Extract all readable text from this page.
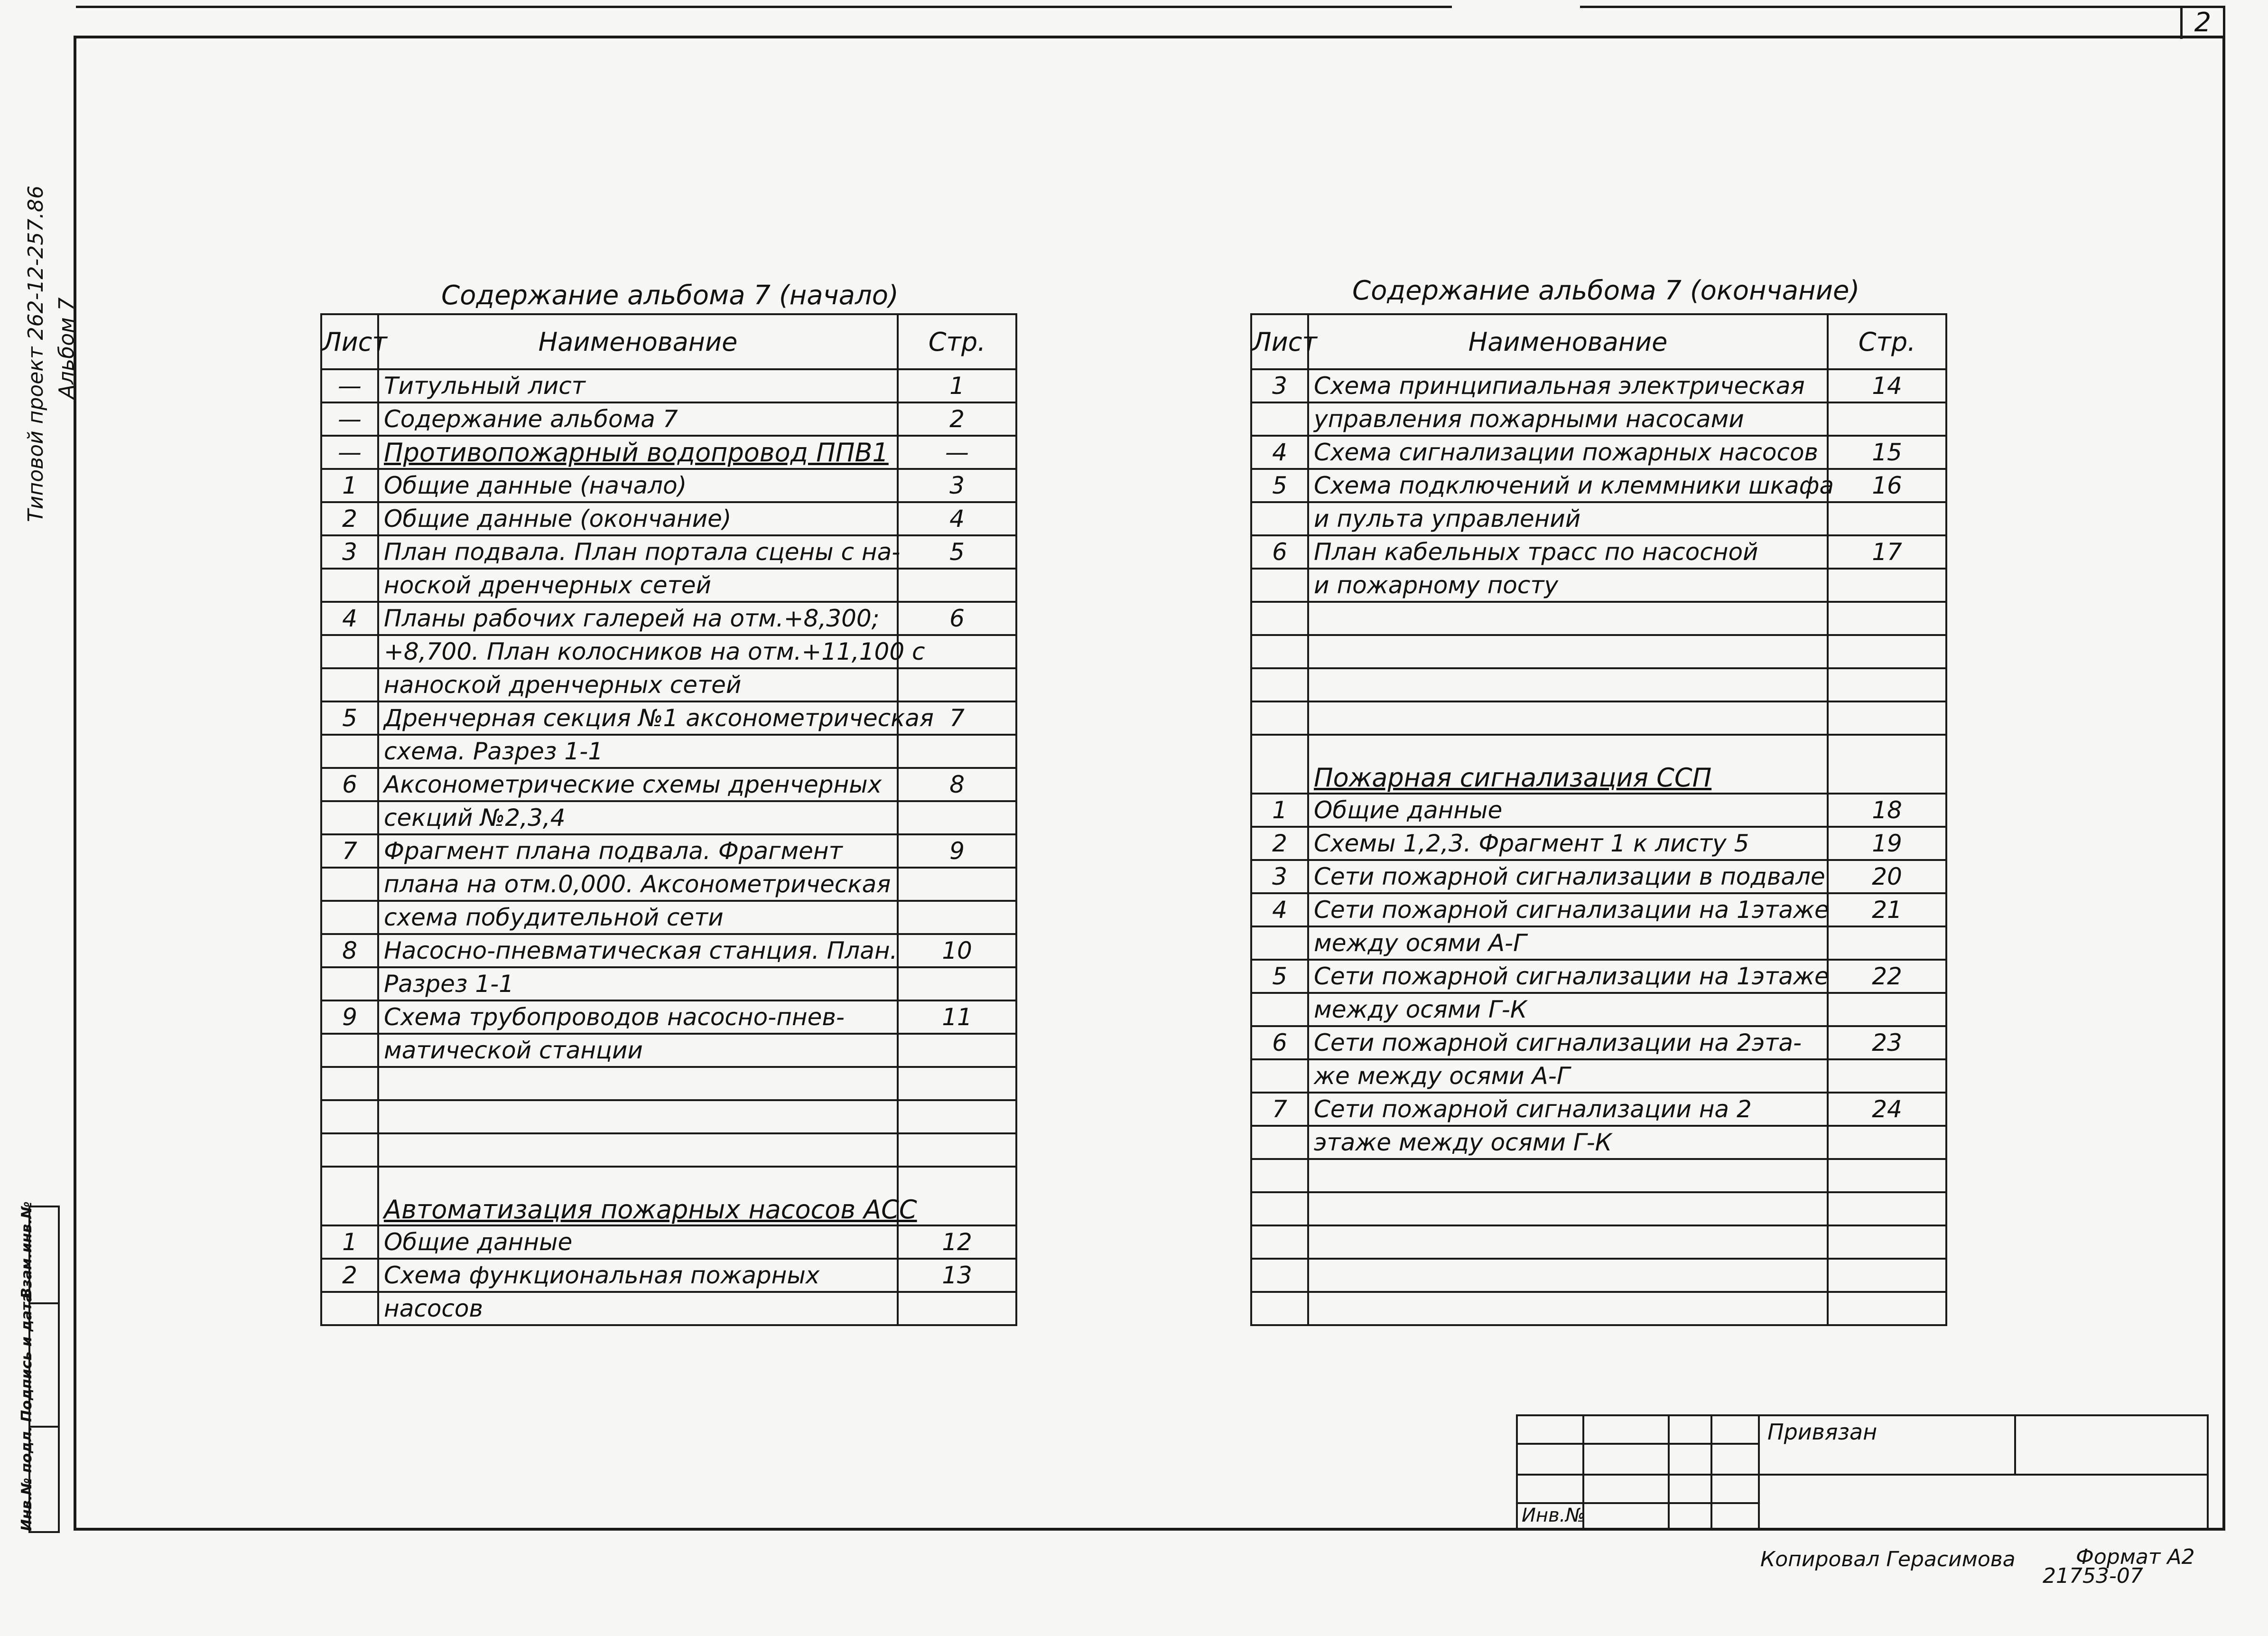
2
Типовой проект 262-12-257.86 Альбом 7
Инв.№ подл.
Подпись и дата
Взам.инв.№
Содержание альбома 7 (начало)	Содержание альбома 7 (окончание)
Лист	Наименование	Стр.
—	Титульный лист	1
—	Содержание альбома 7	2
—	Противопожарный водопровод ППВ1	—
1	Общие данные (начало)	3
2	Общие данные (окончание)	4
3	План подвала. План портала сцены с на-	5
	ноской дренчерных сетей	
4	Планы рабочих галерей на отм.+8,300;	6
	+8,700. План колосников на отм.+11,100 с	
	наноской дренчерных сетей	
5	Дренчерная секция №1 аксонометрическая	7
	схема. Разрез 1-1	
6	Аксонометрические схемы дренчерных	8
	секций №2,3,4	
7	Фрагмент плана подвала. Фрагмент	9
	плана на отм.0,000. Аксонометрическая	
	схема побудительной сети	
8	Насосно-пневматическая станция. План.	10
	Разрез 1-1	
9	Схема трубопроводов насосно-пнев-	11
	матической станции	

	Автоматизация пожарных насосов АСС	
1	Общие данные	12
2	Схема функциональная пожарных	13
	насосов	
Лист	Наименование	Стр.
3	Схема принципиальная электрическая	14
	управления пожарными насосами	
4	Схема сигнализации пожарных насосов	15
5	Схема подключений и клеммники шкафа	16
	и пульта управлений	
6	План кабельных трасс по насосной	17
	и пожарному посту	

	Пожарная сигнализация ССП	
1	Общие данные	18
2	Схемы 1,2,3. Фрагмент 1 к листу 5	19
3	Сети пожарной сигнализации в подвале	20
4	Сети пожарной сигнализации на 1этаже	21
	между осями А-Г	
5	Сети пожарной сигнализации на 1этаже	22
	между осями Г-К	
6	Сети пожарной сигнализации на 2эта-	23
	же между осями А-Г	
7	Сети пожарной сигнализации на 2	24
	этаже между осями Г-К	

Привязан
Инв.№
Копировал Герасимова	Формат А2
21753-07
